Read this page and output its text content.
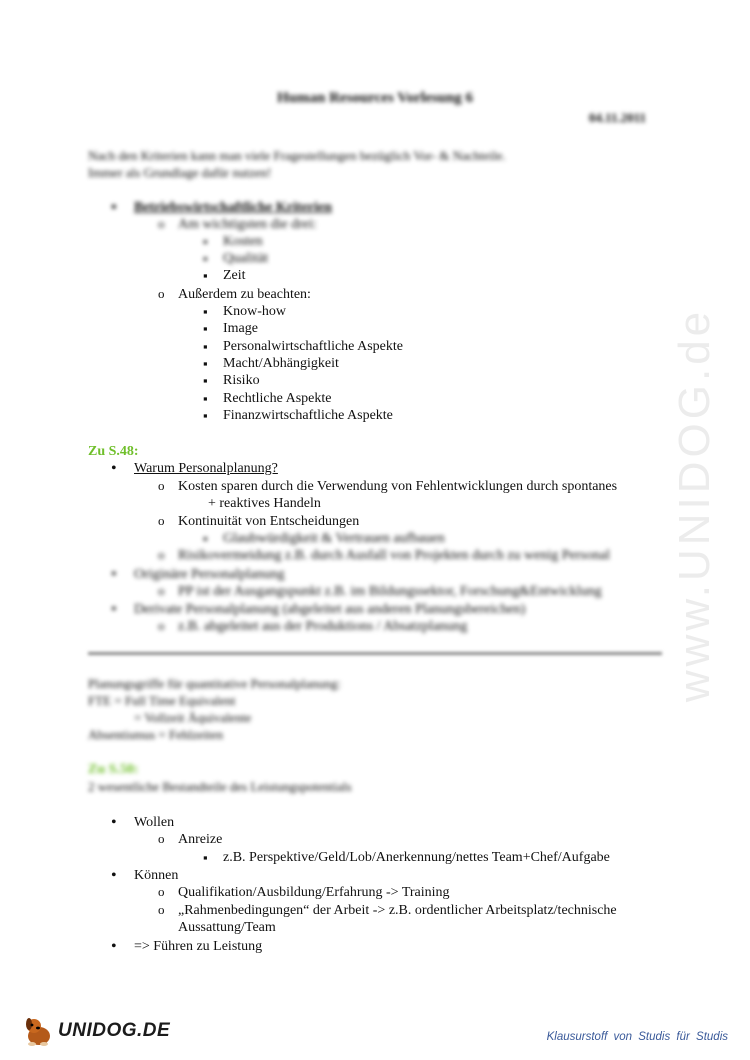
www.UNIDOG.de
Human Resources Vorlesung 6
04.11.2011
Nach den Kriterien kann man viele Fragestellungen bezüglich Vor- & Nachteile.
Immer als Grundlage dafür nutzen!
• Betriebswirtschaftliche Kriterien
o Am wichtigsten die drei:
▪ Kosten
▪ Qualität
▪ Zeit
o Außerdem zu beachten:
▪ Know-how
▪ Image
▪ Personalwirtschaftliche Aspekte
▪ Macht/Abhängigkeit
▪ Risiko
▪ Rechtliche Aspekte
▪ Finanzwirtschaftliche Aspekte
Zu S.48:
• Warum Personalplanung?
o Kosten sparen durch die Verwendung von Fehlentwicklungen durch spontanes
+ reaktives Handeln
o Kontinuität von Entscheidungen
▪ Glaubwürdigkeit & Vertrauen aufbauen
o Risikovermeidung z.B. durch Ausfall von Projekten durch zu wenig Personal
• Originäre Personalplanung
o PP ist der Ausgangspunkt z.B. im Bildungssektor, Forschung&Entwicklung
• Derivate Personalplanung (abgeleitet aus anderen Planungsbereichen)
o z.B. abgeleitet aus der Produktions / Absatzplanung
Planungsgriffe für quantitative Personalplanung:
FTE = Full Time Equivalent
= Vollzeit Äquivalente
Absentismus = Fehlzeiten
Zu S.50:
2 wesentliche Bestandteile des Leistungspotentials
• Wollen
o Anreize
▪ z.B. Perspektive/Geld/Lob/Anerkennung/nettes Team+Chef/Aufgabe
• Können
o Qualifikation/Ausbildung/Erfahrung -> Training
o „Rahmenbedingungen“ der Arbeit -> z.B. ordentlicher Arbeitsplatz/technische
Aussattung/Team
• => Führen zu Leistung
UNIDOG.DE	Klausurstoff von Studis für Studis
